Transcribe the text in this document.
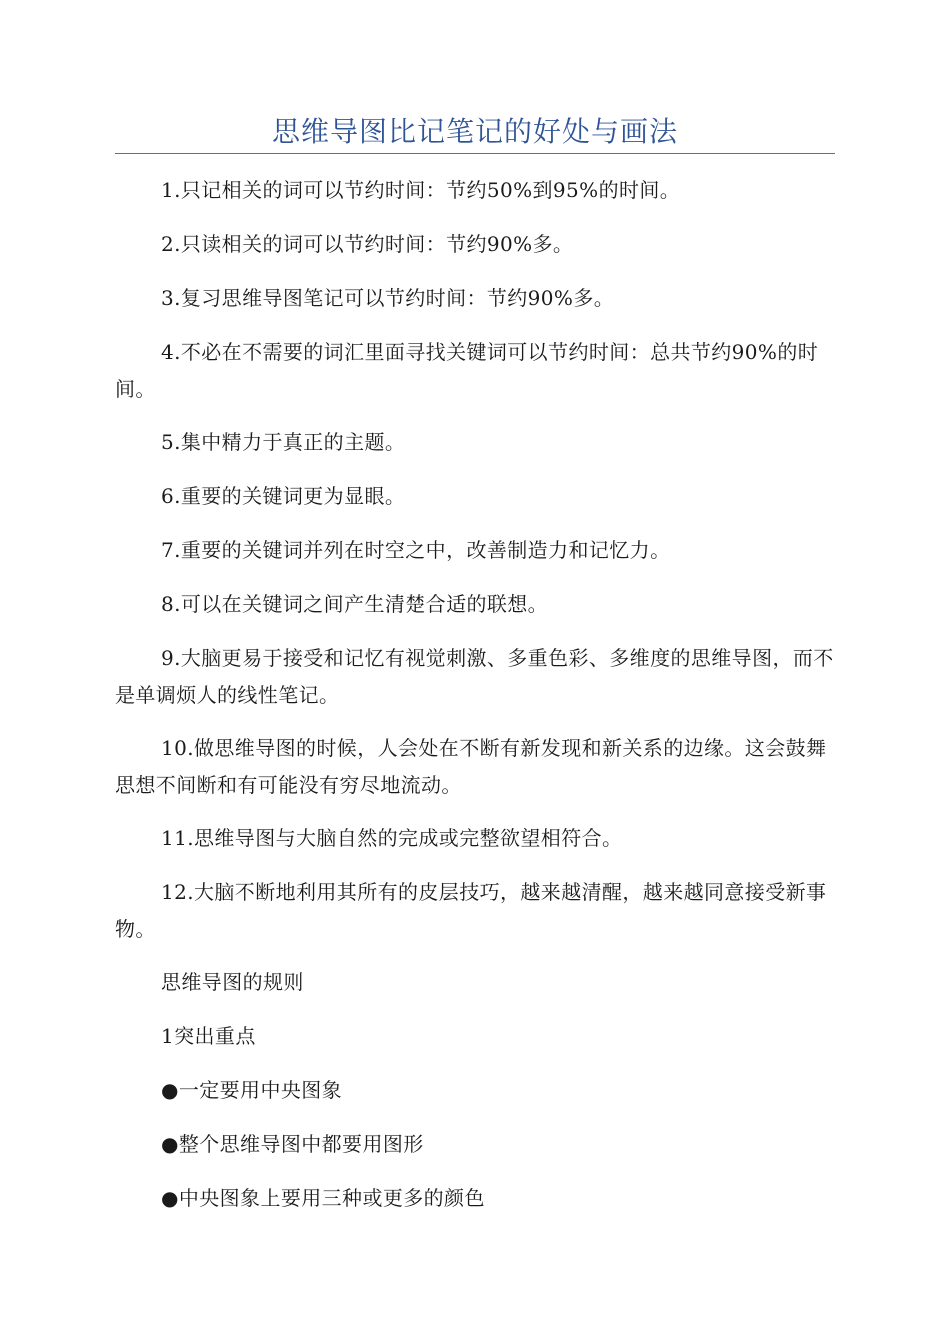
思维导图比记笔记的好处与画法

1.只记相关的词可以节约时间：节约50%到95%的时间。

2.只读相关的词可以节约时间：节约90%多。

3.复习思维导图笔记可以节约时间：节约90%多。

4.不必在不需要的词汇里面寻找关键词可以节约时间：总共节约90%的时间。

5.集中精力于真正的主题。

6.重要的关键词更为显眼。

7.重要的关键词并列在时空之中，改善制造力和记忆力。

8.可以在关键词之间产生清楚合适的联想。

9.大脑更易于接受和记忆有视觉刺激、多重色彩、多维度的思维导图，而不是单调烦人的线性笔记。

10.做思维导图的时候，人会处在不断有新发现和新关系的边缘。这会鼓舞思想不间断和有可能没有穷尽地流动。

11.思维导图与大脑自然的完成或完整欲望相符合。

12.大脑不断地利用其所有的皮层技巧，越来越清醒，越来越同意接受新事物。

思维导图的规则

1突出重点

●一定要用中央图象

●整个思维导图中都要用图形

●中央图象上要用三种或更多的颜色
